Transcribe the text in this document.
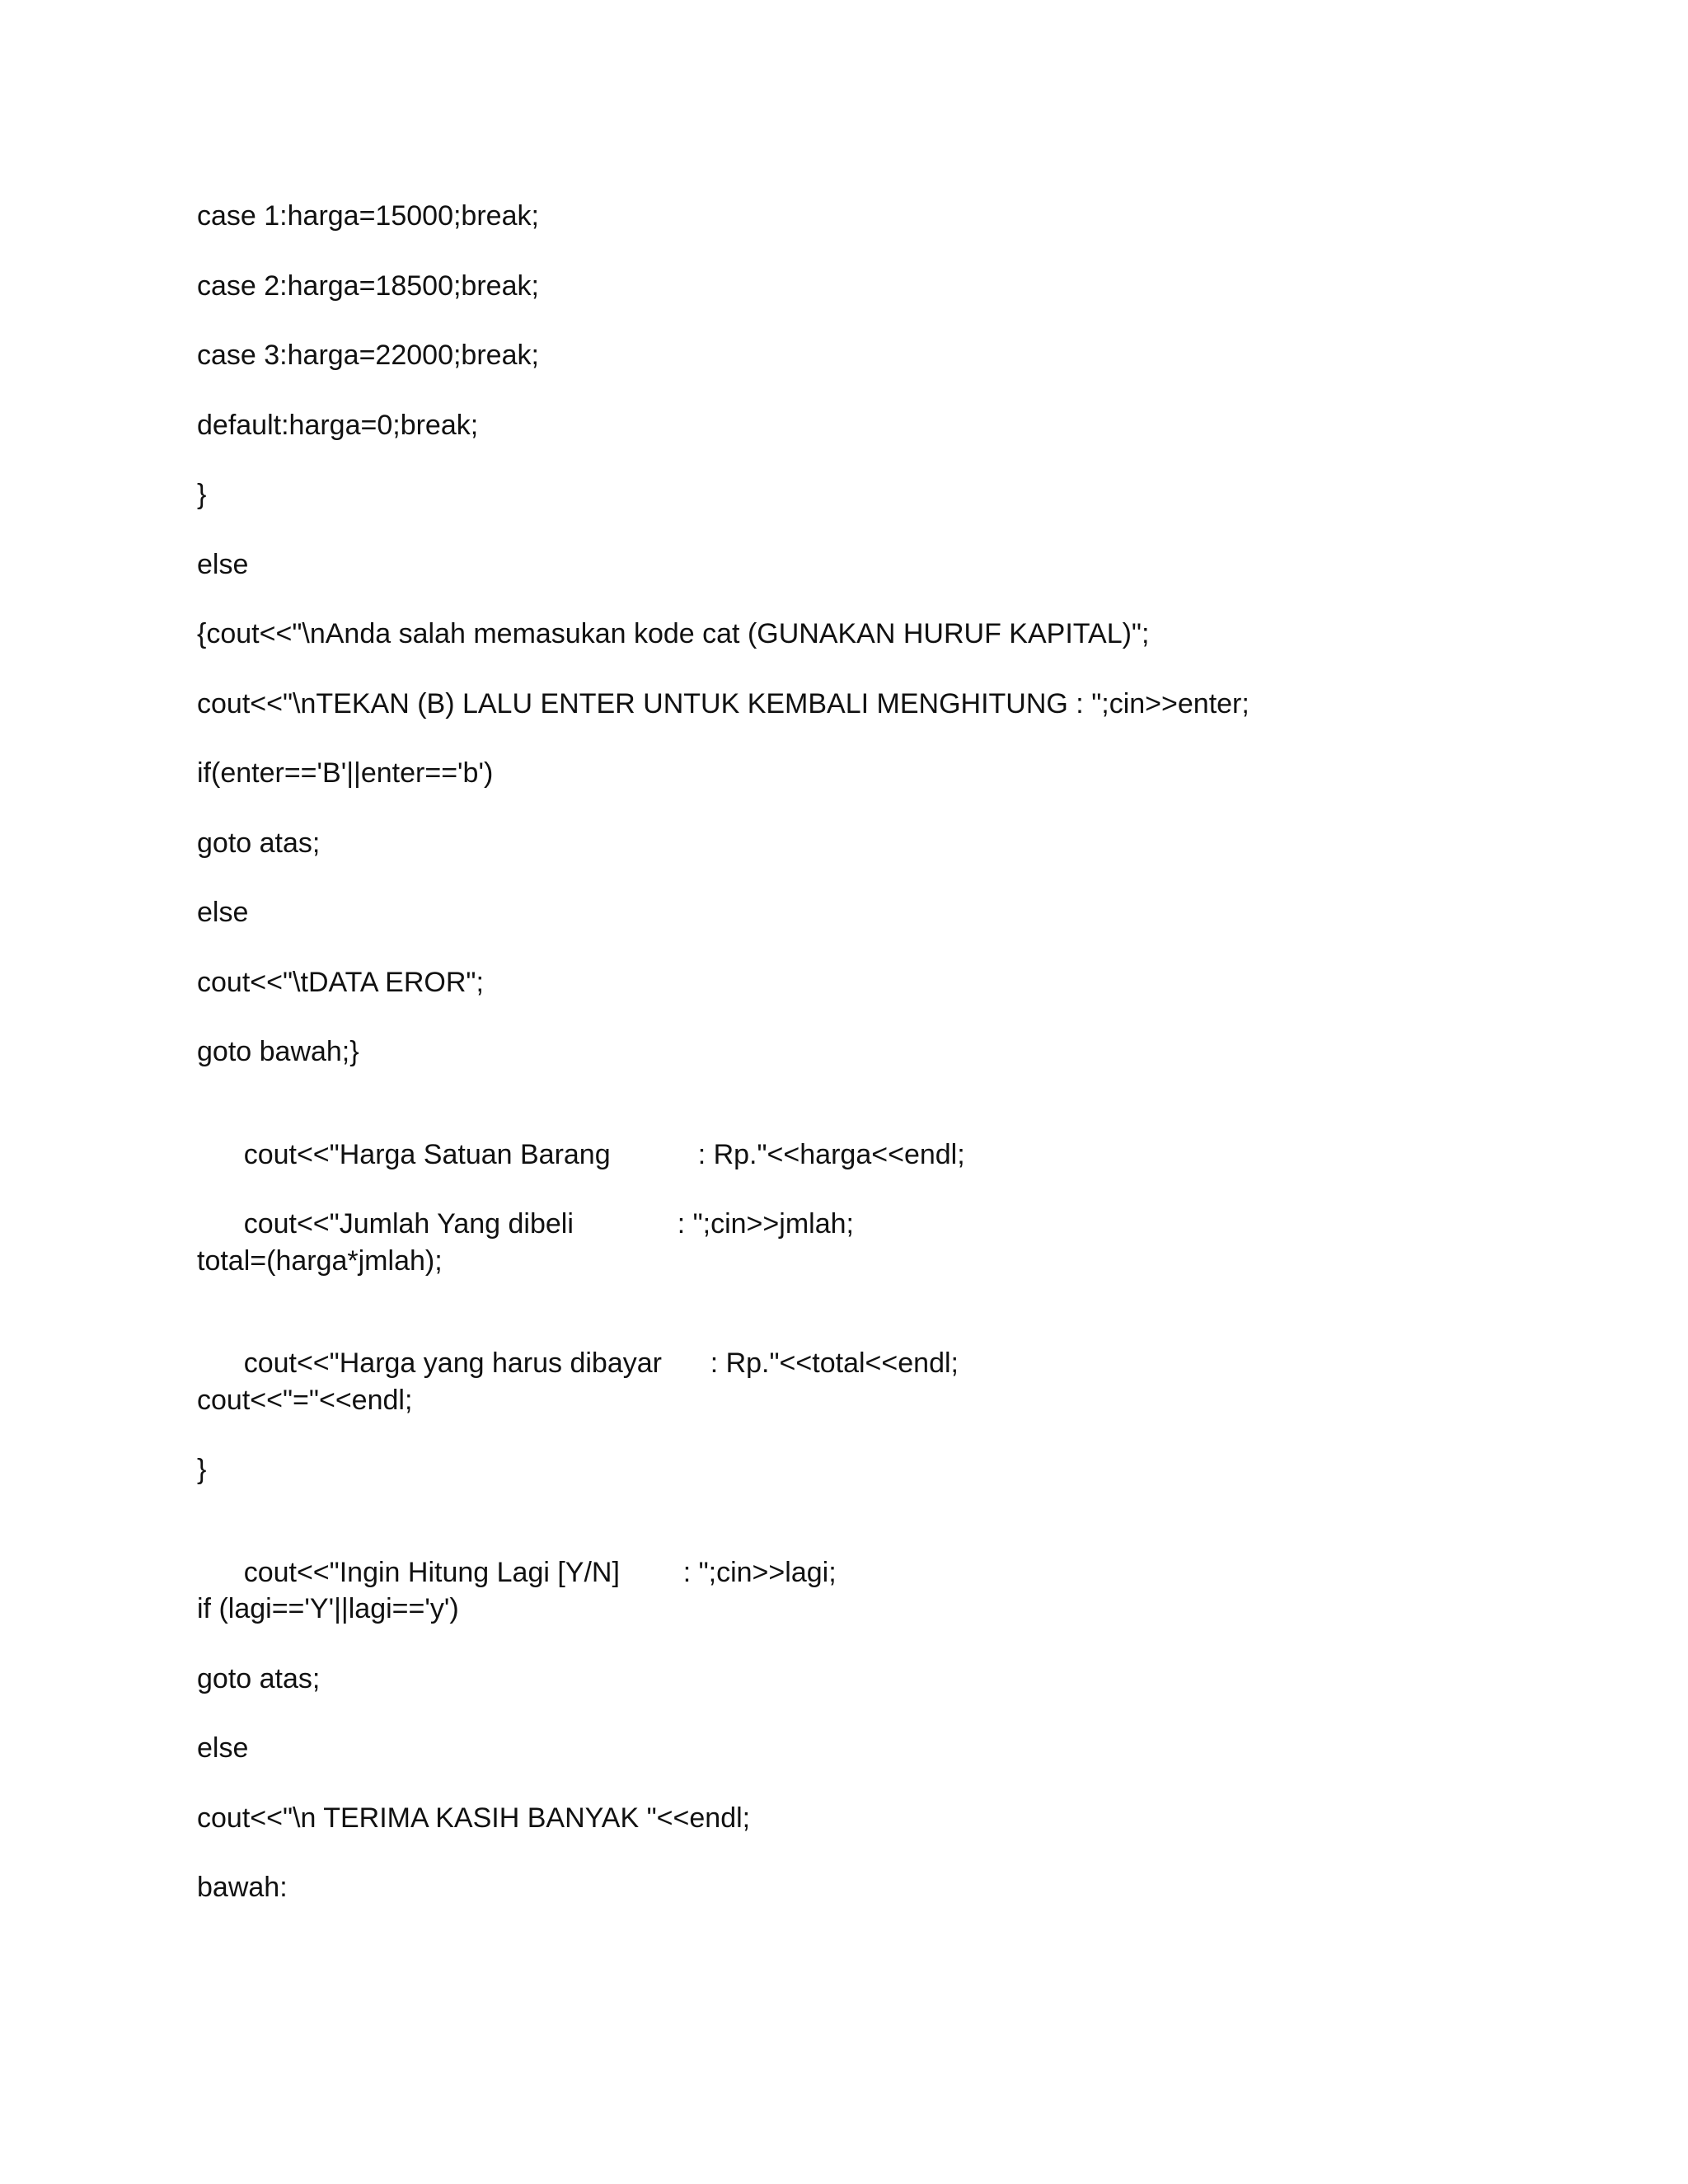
case 1:harga=15000;break;
case 2:harga=18500;break;
case 3:harga=22000;break;
default:harga=0;break;
}
else
{cout<<"\nAnda salah memasukan kode cat (GUNAKAN HURUF KAPITAL)";
cout<<"\nTEKAN (B) LALU ENTER UNTUK KEMBALI MENGHITUNG : ";cin>>enter;
if(enter=='B'||enter=='b')
goto atas;
else
cout<<"\tDATA EROR";
goto bawah;}

cout<<"Harga Satuan Barang	: Rp."<<harga<<endl;

cout<<"Jumlah Yang dibeli	: ";cin>>jmlah;

total=(harga*jmlah);

cout<<"Harga yang harus dibayar : Rp."<<total<<endl;

cout<<"="<<endl;
}

cout<<"Ingin Hitung Lagi [Y/N] : ";cin>>lagi;

if (lagi=='Y'||lagi=='y')
goto atas;
else
cout<<"\n TERIMA KASIH BANYAK "<<endl;
bawah:
